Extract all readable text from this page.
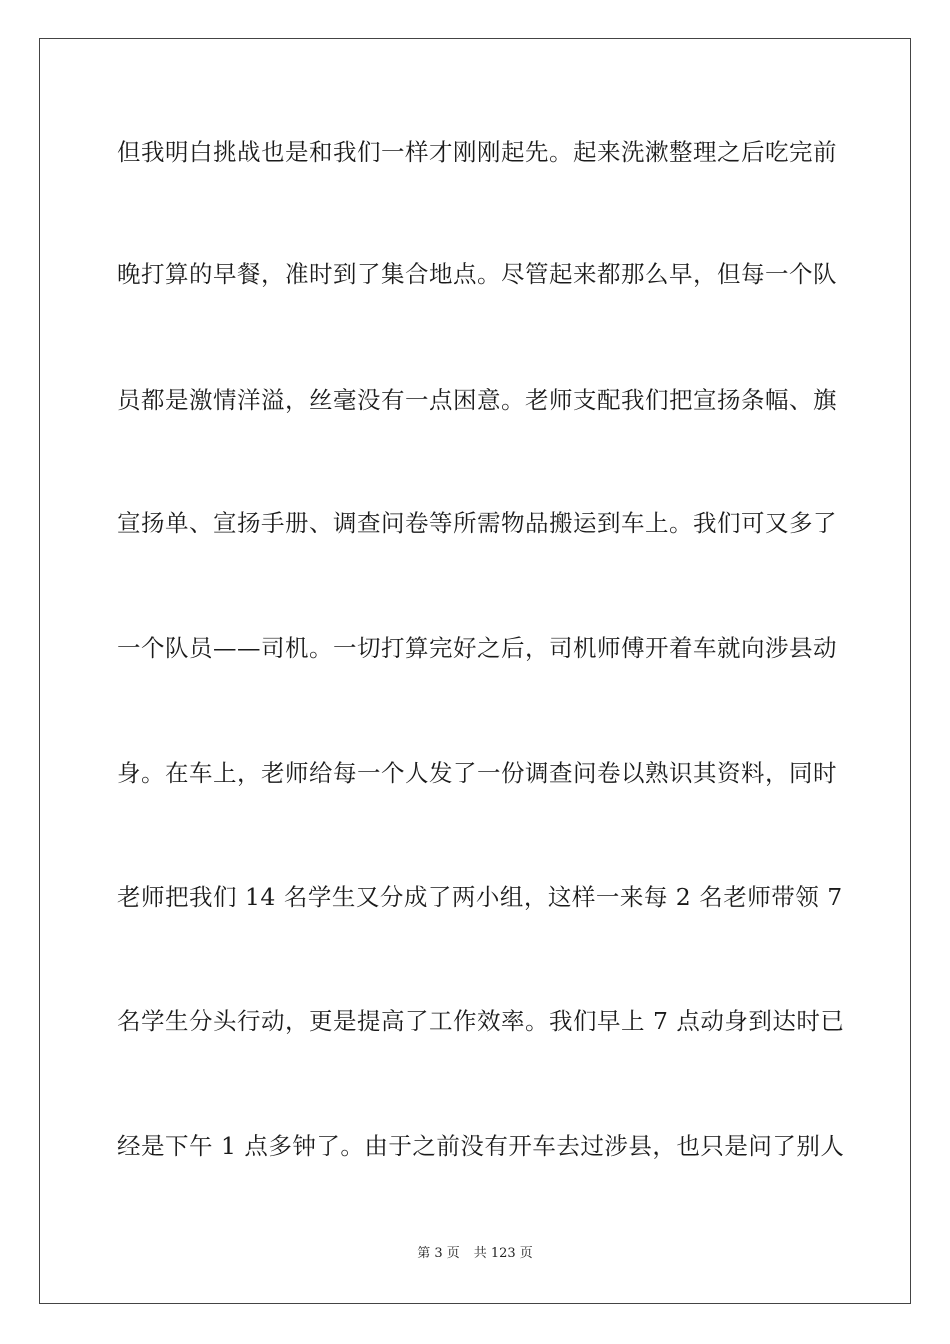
但我明白挑战也是和我们一样才刚刚起先。起来洗漱整理之后吃完前
晚打算的早餐，准时到了集合地点。尽管起来都那么早，但每一个队
员都是激情洋溢，丝毫没有一点困意。老师支配我们把宣扬条幅、旗
宣扬单、宣扬手册、调查问卷等所需物品搬运到车上。我们可又多了
一个队员——司机。一切打算完好之后，司机师傅开着车就向涉县动
身。在车上，老师给每一个人发了一份调查问卷以熟识其资料，同时
老师把我们 14 名学生又分成了两小组，这样一来每 2 名老师带领 7
名学生分头行动，更是提高了工作效率。我们早上 7 点动身到达时已
经是下午 1 点多钟了。由于之前没有开车去过涉县，也只是问了别人
第 3 页 共 123 页
